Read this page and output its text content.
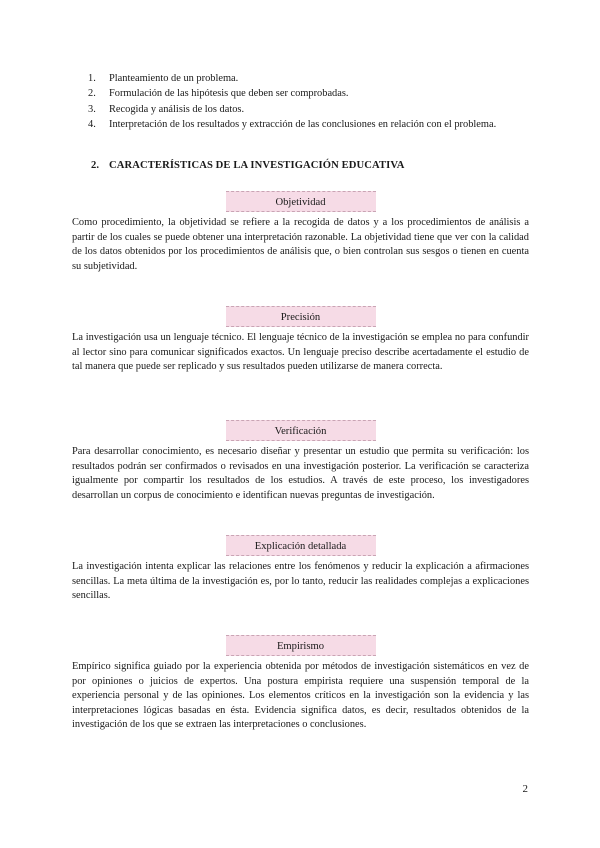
1. Planteamiento de un problema.
2. Formulación de las hipótesis que deben ser comprobadas.
3. Recogida y análisis de los datos.
4. Interpretación de los resultados y extracción de las conclusiones en relación con el problema.
2. CARACTERÍSTICAS DE LA INVESTIGACIÓN EDUCATIVA
Objetividad

Como procedimiento, la objetividad se refiere a la recogida de datos y a los procedimientos de análisis a partir de los cuales se puede obtener una interpretación razonable. La objetividad tiene que ver con la calidad de los datos obtenidos por los procedimientos de análisis que, o bien controlan sus sesgos o tienen en cuenta su subjetividad.

Precisión

La investigación usa un lenguaje técnico. El lenguaje técnico de la investigación se emplea no para confundir al lector sino para comunicar significados exactos. Un lenguaje preciso describe acertadamente el estudio de tal manera que puede ser replicado y sus resultados pueden utilizarse de manera correcta.

Verificación

Para desarrollar conocimiento, es necesario diseñar y presentar un estudio que permita su verificación: los resultados podrán ser confirmados o revisados en una investigación posterior. La verificación se caracteriza igualmente por compartir los resultados de los estudios. A través de este proceso, los investigadores desarrollan un corpus de conocimiento e identifican nuevas preguntas de investigación.

Explicación detallada

La investigación intenta explicar las relaciones entre los fenómenos y reducir la explicación a afirmaciones sencillas. La meta última de la investigación es, por lo tanto, reducir las realidades complejas a explicaciones sencillas.

Empirismo

Empírico significa guiado por la experiencia obtenida por métodos de investigación sistemáticos en vez de por opiniones o juicios de expertos. Una postura empirista requiere una suspensión temporal de la experiencia personal y de las opiniones. Los elementos críticos en la investigación son la evidencia y las interpretaciones lógicas basadas en ésta. Evidencia significa datos, es decir, resultados obtenidos de la investigación de los que se extraen las interpretaciones o conclusiones.

2
